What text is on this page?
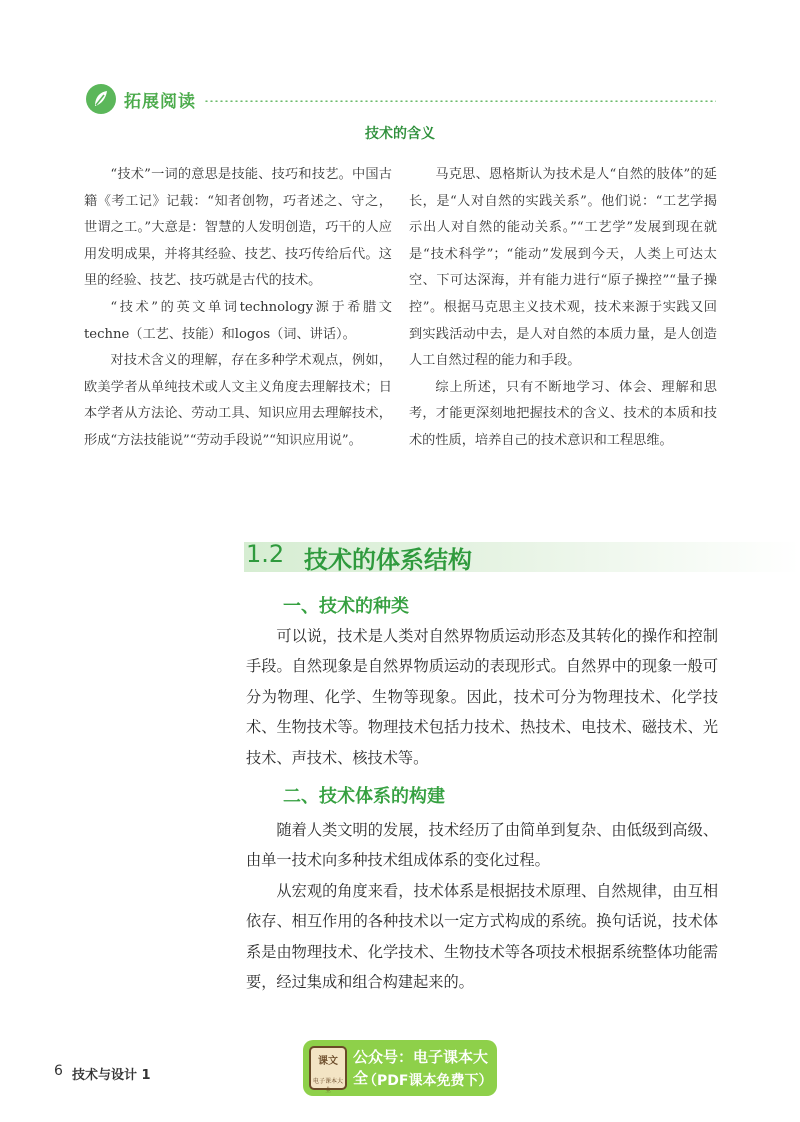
拓展阅读
技术的含义

“技术”一词的意思是技能、技巧和技艺。中国古籍《考工记》记载：“知者创物，巧者述之、守之，世谓之工。”大意是：智慧的人发明创造，巧干的人应用发明成果，并将其经验、技艺、技巧传给后代。这里的经验、技艺、技巧就是古代的技术。

“技术”的英文单词technology源于希腊文techne（工艺、技能）和logos（词、讲话）。

对技术含义的理解，存在多种学术观点，例如，欧美学者从单纯技术或人文主义角度去理解技术；日本学者从方法论、劳动工具、知识应用去理解技术，形成“方法技能说”“劳动手段说”“知识应用说”。

马克思、恩格斯认为技术是人“自然的肢体”的延长，是“人对自然的实践关系”。他们说：“工艺学揭示出人对自然的能动关系。”“工艺学”发展到现在就是“技术科学”；“能动”发展到今天，人类上可达太空、下可达深海，并有能力进行“原子操控”“量子操控”。根据马克思主义技术观，技术来源于实践又回到实践活动中去，是人对自然的本质力量，是人创造人工自然过程的能力和手段。

综上所述，只有不断地学习、体会、理解和思考，才能更深刻地把握技术的含义、技术的本质和技术的性质，培养自己的技术意识和工程思维。

1.2 技术的体系结构
一、技术的种类

可以说，技术是人类对自然界物质运动形态及其转化的操作和控制手段。自然现象是自然界物质运动的表现形式。自然界中的现象一般可分为物理、化学、生物等现象。因此，技术可分为物理技术、化学技术、生物技术等。物理技术包括力技术、热技术、电技术、磁技术、光技术、声技术、核技术等。

二、技术体系的构建

随着人类文明的发展，技术经历了由简单到复杂、由低级到高级、由单一技术向多种技术组成体系的变化过程。

从宏观的角度来看，技术体系是根据技术原理、自然规律，由互相依存、相互作用的各种技术以一定方式构成的系统。换句话说，技术体系是由物理技术、化学技术、生物技术等各项技术根据系统整体功能需要，经过集成和组合构建起来的。

6 技术与设计 1
课文
电子课本大全
公众号：电子课本大全
（PDF课本免费下）
